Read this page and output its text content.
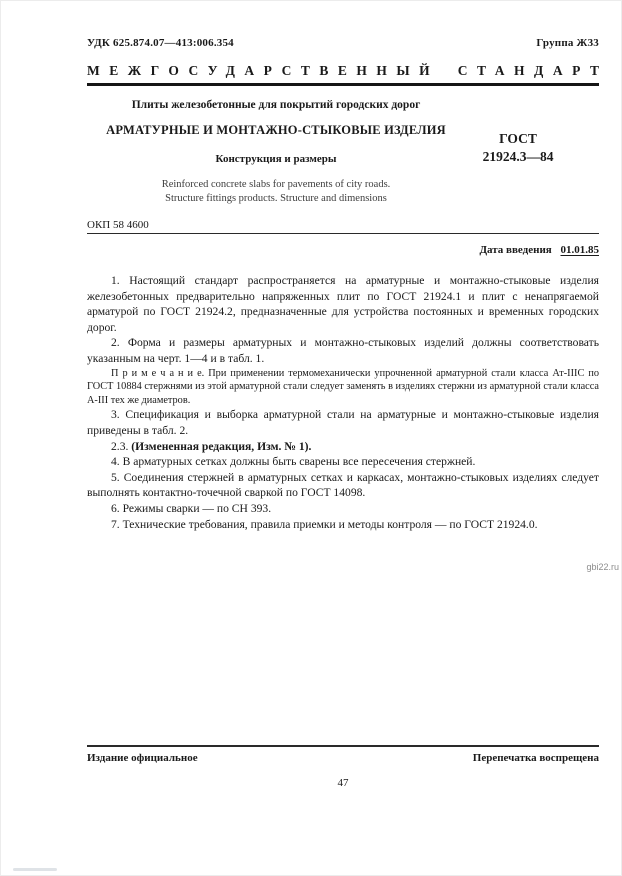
УДК 625.874.07—413:006.354	Группа Ж33
МЕЖГОСУДАРСТВЕННЫЙ СТАНДАРТ
Плиты железобетонные для покрытий городских дорог
АРМАТУРНЫЕ И МОНТАЖНО-СТЫКОВЫЕ ИЗДЕЛИЯ
Конструкция и размеры
Reinforced concrete slabs for pavements of city roads.
Structure fittings products. Structure and dimensions
ГОСТ
21924.3—84
ОКП 58 4600
Дата введения 01.01.85

1. Настоящий стандарт распространяется на арматурные и монтажно-стыковые изделия железобетонных предварительно напряженных плит по ГОСТ 21924.1 и плит с ненапрягаемой арматурой по ГОСТ 21924.2, предназначенные для устройства постоянных и временных городских дорог.

2. Форма и размеры арматурных и монтажно-стыковых изделий должны соответствовать указанным на черт. 1—4 и в табл. 1.

П р и м е ч а н и е. При применении термомеханически упрочненной арматурной стали класса Ат-IIIС по ГОСТ 10884 стержнями из этой арматурной стали следует заменять в изделиях стержни из арматурной стали класса А-III тех же диаметров.

3. Спецификация и выборка арматурной стали на арматурные и монтажно-стыковые изделия приведены в табл. 2.

2.3. (Измененная редакция, Изм. № 1).

4. В арматурных сетках должны быть сварены все пересечения стержней.

5. Соединения стержней в арматурных сетках и каркасах, монтажно-стыковых изделиях следует выполнять контактно-точечной сваркой по ГОСТ 14098.

6. Режимы сварки — по СН 393.

7. Технические требования, правила приемки и методы контроля — по ГОСТ 21924.0.

gbi22.ru
Издание официальное	Перепечатка воспрещена
47
